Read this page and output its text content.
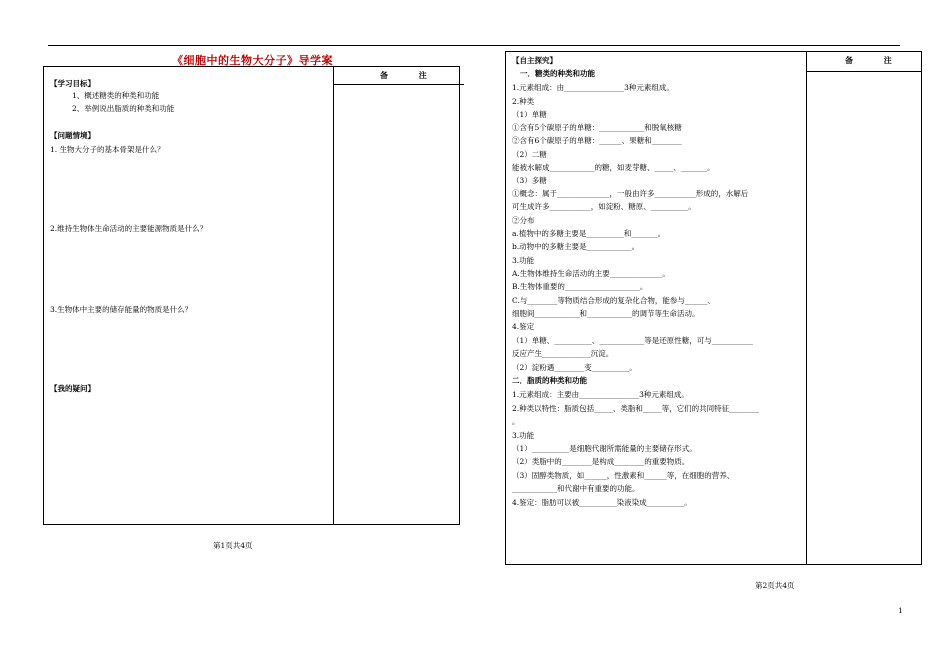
《细胞中的生物大分子》导学案
备 注
【学习目标】
1、概述糖类的种类和功能
2、举例说出脂质的种类和功能
【问题情境】
1. 生物大分子的基本骨架是什么？
2.维持生物体生命活动的主要能源物质是什么？
3.生物体中主要的储存能量的物质是什么？
【我的疑问】
第1页共4页
备 注
【自主探究】
一．糖类的种类和功能
1.元素组成：由________________3种元素组成。
2.种类
（1）单糖
①含有5个碳原子的单糖：____________和脱氧核糖
②含有6个碳原子的单糖：______、果糖和________
（2）二糖
能被水解成____________的糖，如麦芽糖、_____、_______。
（3）多糖
①概念：属于______________，一般由许多___________形成的，水解后
可生成许多___________，如淀粉、糖原、__________。
②分布
a.植物中的多糖主要是__________和_______。
b.动物中的多糖主要是____________。
3.功能
A.生物体维持生命活动的主要______________。
B.生物体重要的____________________。
C.与________等物质结合形成的复杂化合物，能参与______、
细胞间____________和____________的调节等生命活动。
4.鉴定
（1）单糖、__________、____________等是还原性糖，可与___________
反应产生_____________沉淀。
（2）淀粉遇________变__________。
二．脂质的种类和功能
1.元素组成：主要由________________3种元素组成。
2.种类以特性：脂质包括_____、类脂和_____等，它们的共同特征________
。
3.功能
（1）__________是细胞代谢所需能量的主要储存形式。
（2）类脂中的________是构成________的重要物质。
（3）固醇类物质，如______，性激素和______等，在细胞的营养、
____________和代谢中有重要的功能。
4.鉴定：脂肪可以被__________染液染成__________。
第2页共4页
1
